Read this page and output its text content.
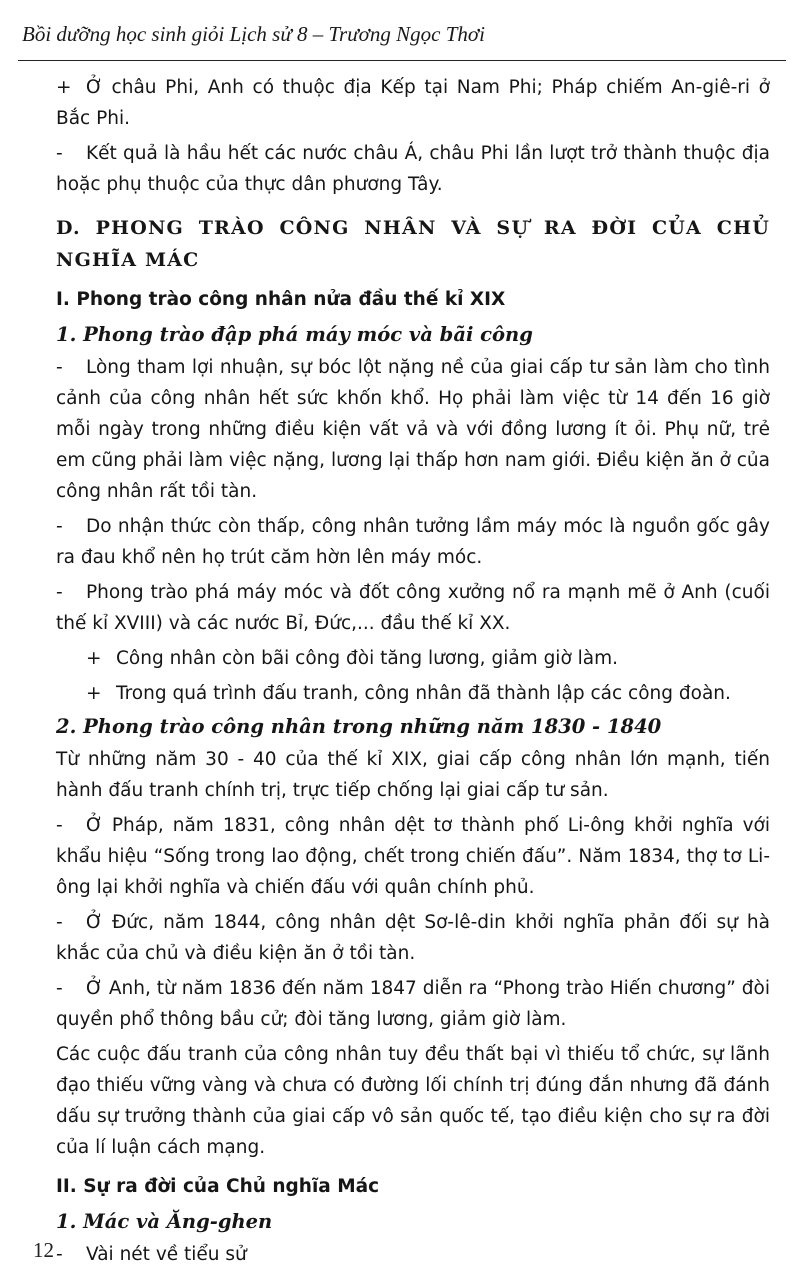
Bồi dưỡng học sinh giỏi Lịch sử 8 – Trương Ngọc Thơi

+ Ở châu Phi, Anh có thuộc địa Kếp tại Nam Phi; Pháp chiếm An-giê-ri ở Bắc Phi.

- Kết quả là hầu hết các nước châu Á, châu Phi lần lượt trở thành thuộc địa hoặc phụ thuộc của thực dân phương Tây.

D. PHONG TRÀO CÔNG NHÂN VÀ SỰ RA ĐỜI CỦA CHỦ NGHĨA MÁC
I. Phong trào công nhân nửa đầu thế kỉ XIX
1. Phong trào đập phá máy móc và bãi công

- Lòng tham lợi nhuận, sự bóc lột nặng nề của giai cấp tư sản làm cho tình cảnh của công nhân hết sức khốn khổ. Họ phải làm việc từ 14 đến 16 giờ mỗi ngày trong những điều kiện vất vả và với đồng lương ít ỏi. Phụ nữ, trẻ em cũng phải làm việc nặng, lương lại thấp hơn nam giới. Điều kiện ăn ở của công nhân rất tồi tàn.

- Do nhận thức còn thấp, công nhân tưởng lầm máy móc là nguồn gốc gây ra đau khổ nên họ trút căm hờn lên máy móc.

- Phong trào phá máy móc và đốt công xưởng nổ ra mạnh mẽ ở Anh (cuối thế kỉ XVIII) và các nước Bỉ, Đức,... đầu thế kỉ XX.

+ Công nhân còn bãi công đòi tăng lương, giảm giờ làm.

+ Trong quá trình đấu tranh, công nhân đã thành lập các công đoàn.

2. Phong trào công nhân trong những năm 1830 - 1840

Từ những năm 30 - 40 của thế kỉ XIX, giai cấp công nhân lớn mạnh, tiến hành đấu tranh chính trị, trực tiếp chống lại giai cấp tư sản.

- Ở Pháp, năm 1831, công nhân dệt tơ thành phố Li-ông khởi nghĩa với khẩu hiệu “Sống trong lao động, chết trong chiến đấu”. Năm 1834, thợ tơ Li-ông lại khởi nghĩa và chiến đấu với quân chính phủ.

- Ở Đức, năm 1844, công nhân dệt Sơ-lê-din khởi nghĩa phản đối sự hà khắc của chủ và điều kiện ăn ở tồi tàn.

- Ở Anh, từ năm 1836 đến năm 1847 diễn ra “Phong trào Hiến chương” đòi quyền phổ thông bầu cử; đòi tăng lương, giảm giờ làm.

Các cuộc đấu tranh của công nhân tuy đều thất bại vì thiếu tổ chức, sự lãnh đạo thiếu vững vàng và chưa có đường lối chính trị đúng đắn nhưng đã đánh dấu sự trưởng thành của giai cấp vô sản quốc tế, tạo điều kiện cho sự ra đời của lí luận cách mạng.

II. Sự ra đời của Chủ nghĩa Mác
1. Mác và Ăng-ghen

- Vài nét về tiểu sử

12
